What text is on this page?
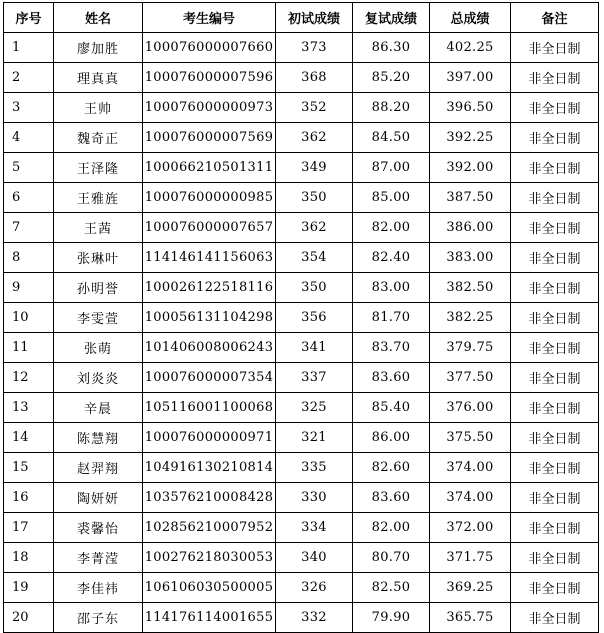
序号	姓名	考生编号	初试成绩	复试成绩	总成绩	备注
1	廖加胜	100076000007660	373	86.30	402.25	非全日制
2	理真真	100076000007596	368	85.20	397.00	非全日制
3	王帅	100076000000973	352	88.20	396.50	非全日制
4	魏奇正	100076000007569	362	84.50	392.25	非全日制
5	王泽隆	100066210501311	349	87.00	392.00	非全日制
6	王雅旌	100076000000985	350	85.00	387.50	非全日制
7	王茜	100076000007657	362	82.00	386.00	非全日制
8	张琳叶	114146141156063	354	82.40	383.00	非全日制
9	孙明誉	100026122518116	350	83.00	382.50	非全日制
10	李雯萱	100056131104298	356	81.70	382.25	非全日制
11	张萌	101406008006243	341	83.70	379.75	非全日制
12	刘炎炎	100076000007354	337	83.60	377.50	非全日制
13	辛晨	105116001100068	325	85.40	376.00	非全日制
14	陈慧翔	100076000000971	321	86.00	375.50	非全日制
15	赵羿翔	104916130210814	335	82.60	374.00	非全日制
16	陶妍妍	103576210008428	330	83.60	374.00	非全日制
17	裘馨怡	102856210007952	334	82.00	372.00	非全日制
18	李菁滢	100276218030053	340	80.70	371.75	非全日制
19	李佳祎	106106030500005	326	82.50	369.25	非全日制
20	邵子东	114176114001655	332	79.90	365.75	非全日制
